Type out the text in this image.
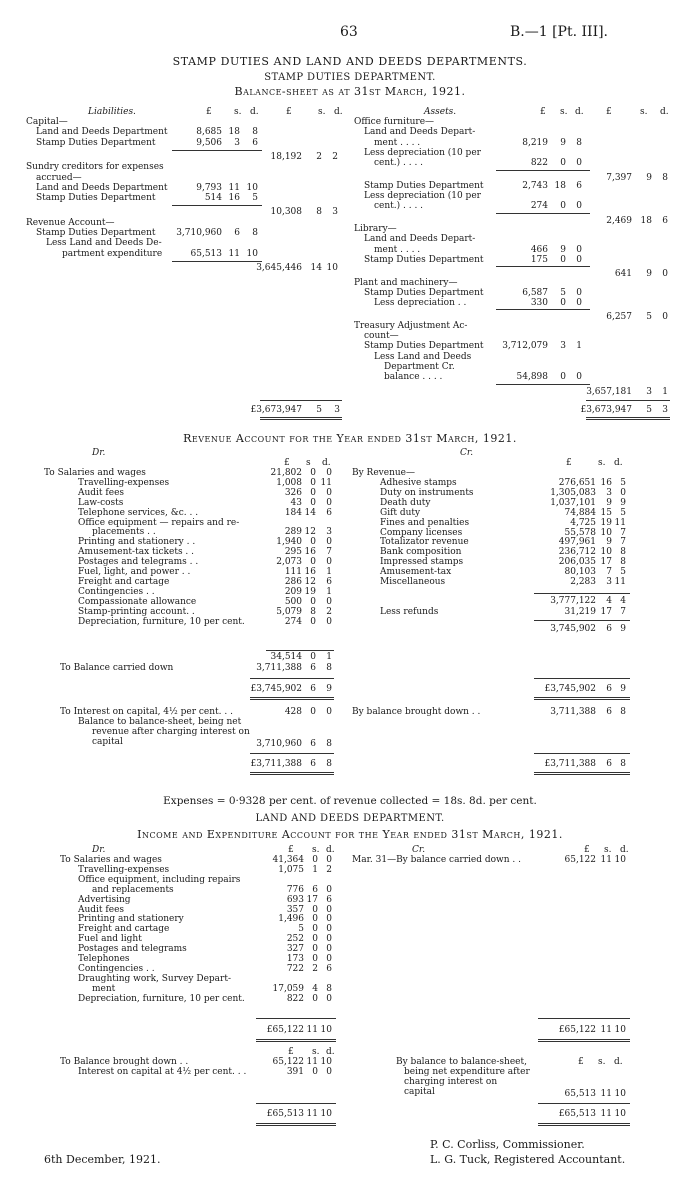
63	B.—1 [Pt. III].
STAMP DUTIES AND LAND AND DEEDS DEPARTMENTS.
STAMP DUTIES DEPARTMENT.
Balance-sheet as at 31st March, 1921.
Liabilities.	£ s. d.	£	s. d.	Assets.	£ s. d. £	s. d.
Capital—
Land and Deeds Department	8,685 18	8
Stamp Duties Department	9,506	3	6
18,192	2	2
Sundry creditors for expenses
accrued—
Land and Deeds Department	9,793 11 10
Stamp Duties Department	514 16	5
10,308	8	3
Revenue Account—
Stamp Duties Department	3,710,960	6	8
Less Land and Deeds De-
partment expenditure	65,513 11 10
3,645,446 14 10
£3,673,947	5	3
Office furniture—
Land and Deeds Depart-
ment . . . .	8,219	9	8
Less depreciation (10 per
cent.) . . . .	822	0	0
7,397	9	8
Stamp Duties Department	2,743 18	6
Less depreciation (10 per
cent.) . . . .	274	0	0
2,469 18	6
Library—
Land and Deeds Depart-
ment . . . .	466	9	0
Stamp Duties Department	175	0	0
641	9	0
Plant and machinery—
Stamp Duties Department	6,587	5	0
Less depreciation . .	330	0	0
6,257	5	0
Treasury Adjustment Ac-
count—
Stamp Duties Department	3,712,079	3	1
Less Land and Deeds
Department Cr.
balance . . . .	54,898	0	0
3,657,181	3	1
£3,673,947	5	3
Revenue Account for the Year ended 31st March, 1921.
Dr.	Cr.
£ s d.	£	s. d.
To Salaries and wages	21,802 0	0
Travelling-expenses	1,008 0 11
Audit fees	326 0	0
Law-costs	43 0	0
Telephone services, &c. . .	184 14	6
Office equipment — repairs and re-
placements . .	289 12	3
Printing and stationery . .	1,940 0	0
Amusement-tax tickets . .	295 16	7
Postages and telegrams . .	2,073 0	0
Fuel, light, and power . .	111 16	1
Freight and cartage	286 12	6
Contingencies . .	209 19	1
Compassionate allowance	500 0	0
Stamp-printing account. .	5,079 8	2
Depreciation, furniture, 10 per cent.	274 0	0
34,514 0	1
To Balance carried down	3,711,388 6	8
£3,745,902 6	9
By Revenue—
Adhesive stamps	276,651 16 5
Duty on instruments	1,305,083	3 0
Death duty	1,037,101	9 9
Gift duty	74,884 15 5
Fines and penalties	4,725 19 11
Company licenses	55,578 10 7
Totalizator revenue	497,961	9 7
Bank composition	236,712 10 8
Impressed stamps	206,035 17 8
Amusement-tax	80,103	7 5
Miscellaneous	2,283	3 11
3,777,122	4 4
Less refunds	31,219 17 7
3,745,902	6 9
£3,745,902	6 9
To Interest on capital, 4½ per cent. . .	428 0	0
Balance to balance-sheet, being net
revenue after charging interest on
capital	3,710,960 6	8
£3,711,388 6	8
By balance brought down . .	3,711,388	6 8
£3,711,388	6 8
Expenses = 0·9328 per cent. of revenue collected = 18s. 8d. per cent.
LAND AND DEEDS DEPARTMENT.
Income and Expenditure Account for the Year ended 31st March, 1921.
Dr.	Cr.
£ s. d.	£ s. d.
To Salaries and wages	41,364 0 0
Travelling-expenses	1,075 1 2
Office equipment, including repairs
and replacements	776 6 0
Advertising	693 17 6
Audit fees	357 0 0
Printing and stationery	1,496 0 0
Freight and cartage	5 0 0
Fuel and light	252 0 0
Postages and telegrams	327 0 0
Telephones	173 0 0
Contingencies . .	722 2 6
Draughting work, Survey Depart-
ment	17,059 4 8
Depreciation, furniture, 10 per cent.	822 0 0
£65,122 11 10
Mar. 31—By balance carried down . .	65,122 11 10
£65,122 11 10
£ s. d.
To Balance brought down . .	65,122 11 10
Interest on capital at 4½ per cent. . .	391 0 0
£65,513 11 10
By balance to balance-sheet,
being net expenditure after
charging interest on
capital
£ s. d.
65,513 11 10
£65,513 11 10
6th December, 1921.
P. C. Corliss, Commissioner.
L. G. Tuck, Registered Accountant.
